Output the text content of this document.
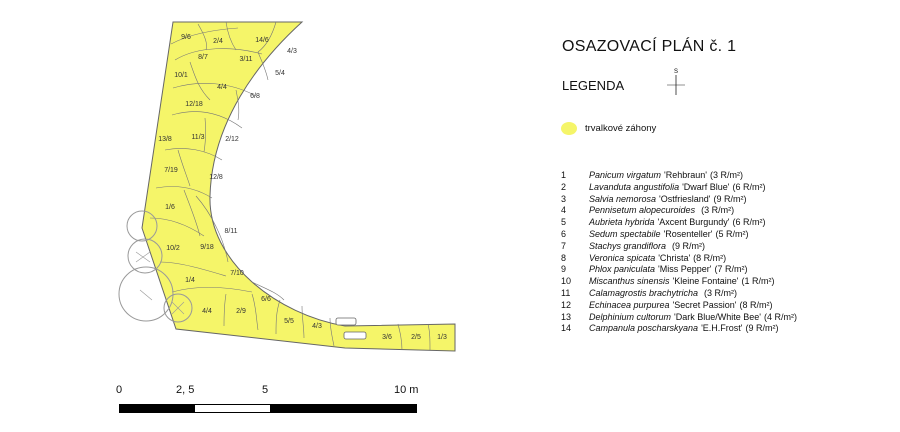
9/6
2/4	14/6
8/7	3/11
4/3
10/1
4/4
5/4
6/8
12/18
13/8	11/3	2/12
7/19
12/8
1/6
8/11
10/2	9/18
7/10
1/4
6/6
4/4	2/9
5/5
4/3
3/6	2/5 1/3
OSAZOVACÍ PLÁN č. 1
LEGENDA
S
trvalkové záhony
1	Panicum virgatum 'Rehbraun' (3 R/m²)
2	Lavanduta angustifolia 'Dwarf Blue' (6 R/m²)
3	Salvia nemorosa 'Ostfriesland' (9 R/m²)
4	Pennisetum alopecuroides (3 R/m²)
5	Aubrieta hybrida 'Axcent Burgundy' (6 R/m²)
6	Sedum spectabile 'Rosenteller' (5 R/m²)
7	Stachys grandiflora (9 R/m²)
8	Veronica spicata 'Christa' (8 R/m²)
9	Phlox paniculata 'Miss Pepper' (7 R/m²)
10	Miscanthus sinensis 'Kleine Fontaine' (1 R/m²)
11	Calamagrostis brachytricha (3 R/m²)
12	Echinacea purpurea 'Secret Passion' (8 R/m²)
13	Delphinium cultorum 'Dark Blue/White Bee' (4 R/m²)
14	Campanula poscharskyana 'E.H.Frost' (9 R/m²)
0	2, 5	5	10 m
